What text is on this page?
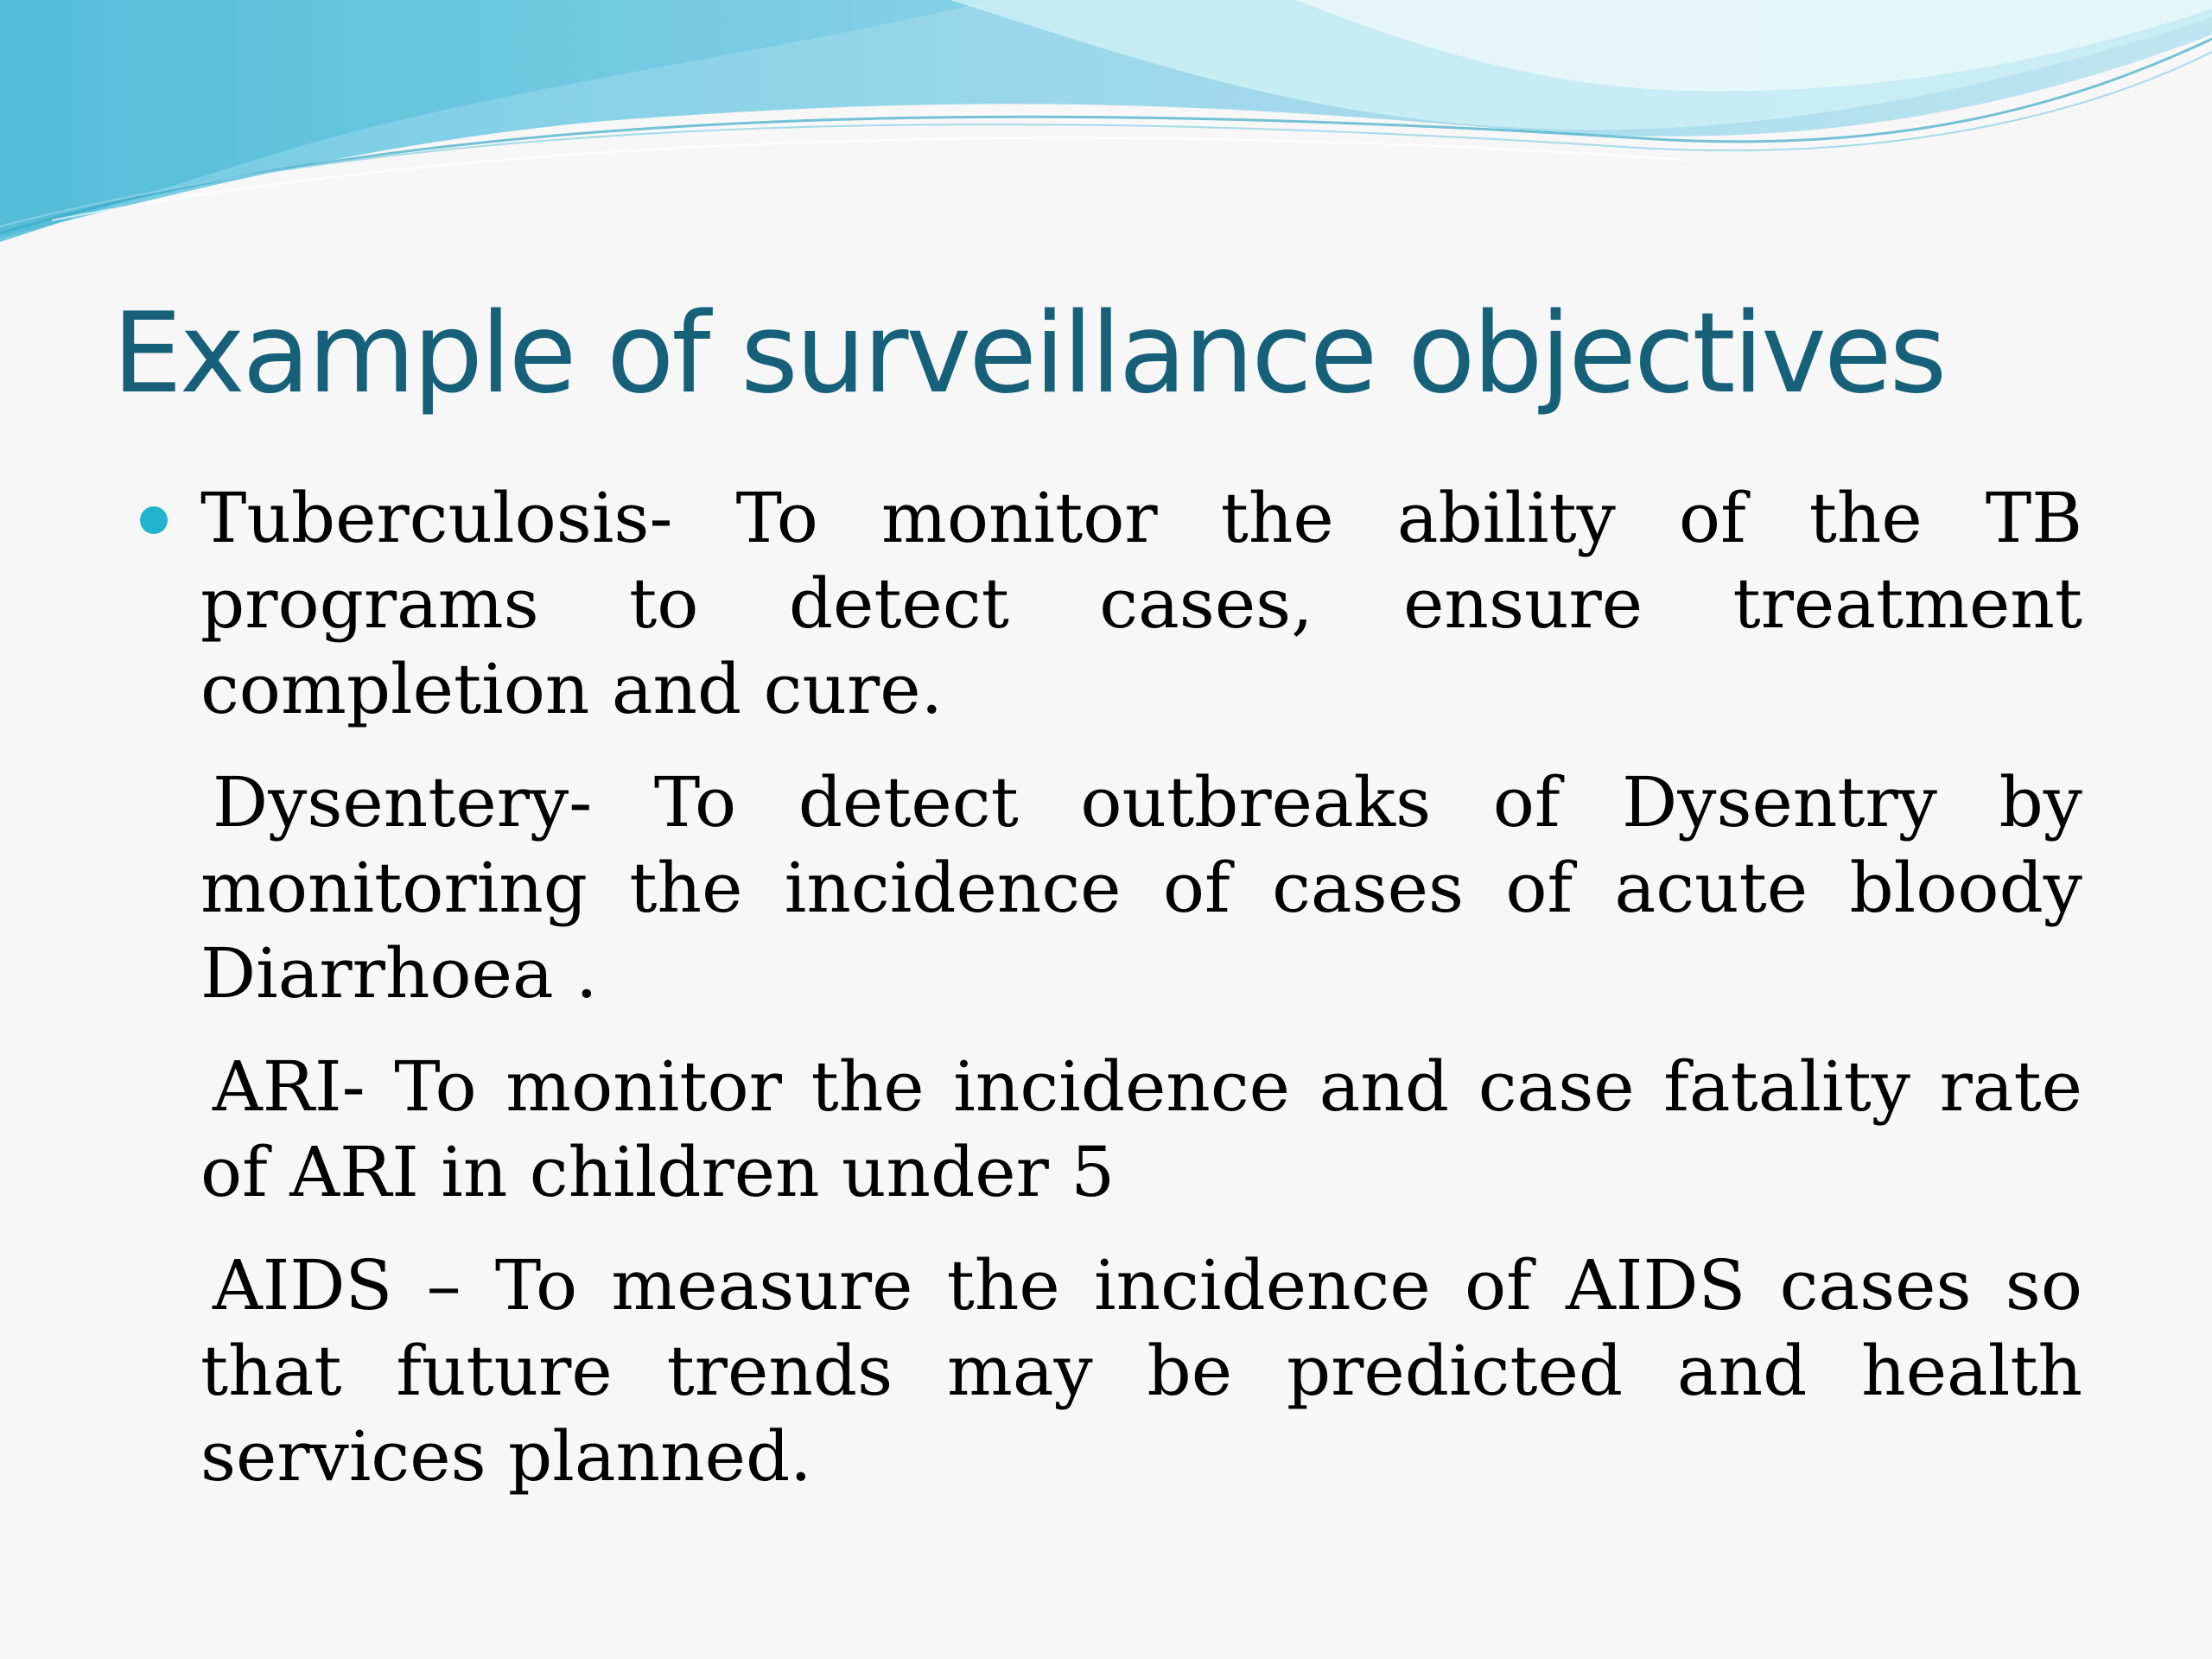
Example of surveillance objectives

Tuberculosis- To monitor the ability of the TB programs to detect cases, ensure treatment completion and cure.

Dysentery- To detect outbreaks of Dysentry by monitoring the incidence of cases of acute bloody Diarrhoea .

ARI- To monitor the incidence and case fatality rate of ARI in children under 5

AIDS – To measure the incidence of AIDS cases so that future trends may be predicted and health services planned.
